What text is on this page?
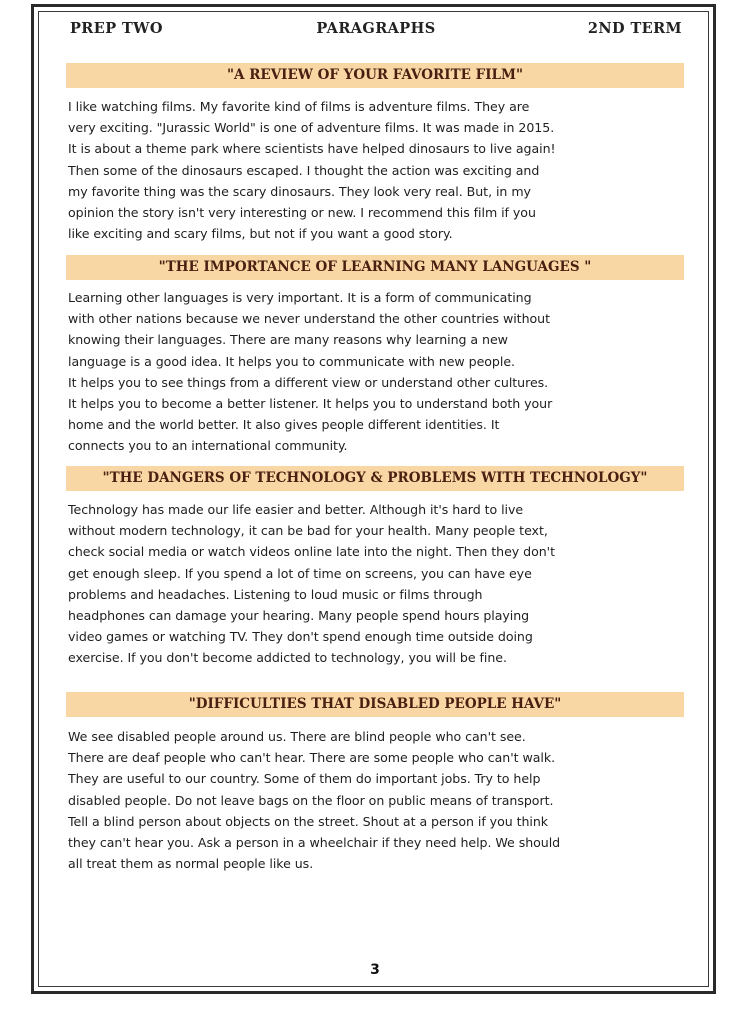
PREP TWO	PARAGRAPHS	2ND TERM
"A REVIEW OF YOUR FAVORITE FILM"
I like watching films. My favorite kind of films is adventure films. They are
very exciting. "Jurassic World" is one of adventure films. It was made in 2015.
It is about a theme park where scientists have helped dinosaurs to live again!
Then some of the dinosaurs escaped. I thought the action was exciting and
my favorite thing was the scary dinosaurs. They look very real. But, in my
opinion the story isn't very interesting or new. I recommend this film if you
like exciting and scary films, but not if you want a good story.
"THE IMPORTANCE OF LEARNING MANY LANGUAGES "
Learning other languages is very important. It is a form of communicating
with other nations because we never understand the other countries without
knowing their languages. There are many reasons why learning a new
language is a good idea. It helps you to communicate with new people.
It helps you to see things from a different view or understand other cultures.
It helps you to become a better listener. It helps you to understand both your
home and the world better. It also gives people different identities. It
connects you to an international community.
"THE DANGERS OF TECHNOLOGY & PROBLEMS WITH TECHNOLOGY"
Technology has made our life easier and better. Although it's hard to live
without modern technology, it can be bad for your health. Many people text,
check social media or watch videos online late into the night. Then they don't
get enough sleep. If you spend a lot of time on screens, you can have eye
problems and headaches. Listening to loud music or films through
headphones can damage your hearing. Many people spend hours playing
video games or watching TV. They don't spend enough time outside doing
exercise. If you don't become addicted to technology, you will be fine.
"DIFFICULTIES THAT DISABLED PEOPLE HAVE"
We see disabled people around us. There are blind people who can't see.
There are deaf people who can't hear. There are some people who can't walk.
They are useful to our country. Some of them do important jobs. Try to help
disabled people. Do not leave bags on the floor on public means of transport.
Tell a blind person about objects on the street. Shout at a person if you think
they can't hear you. Ask a person in a wheelchair if they need help. We should
all treat them as normal people like us.
3
